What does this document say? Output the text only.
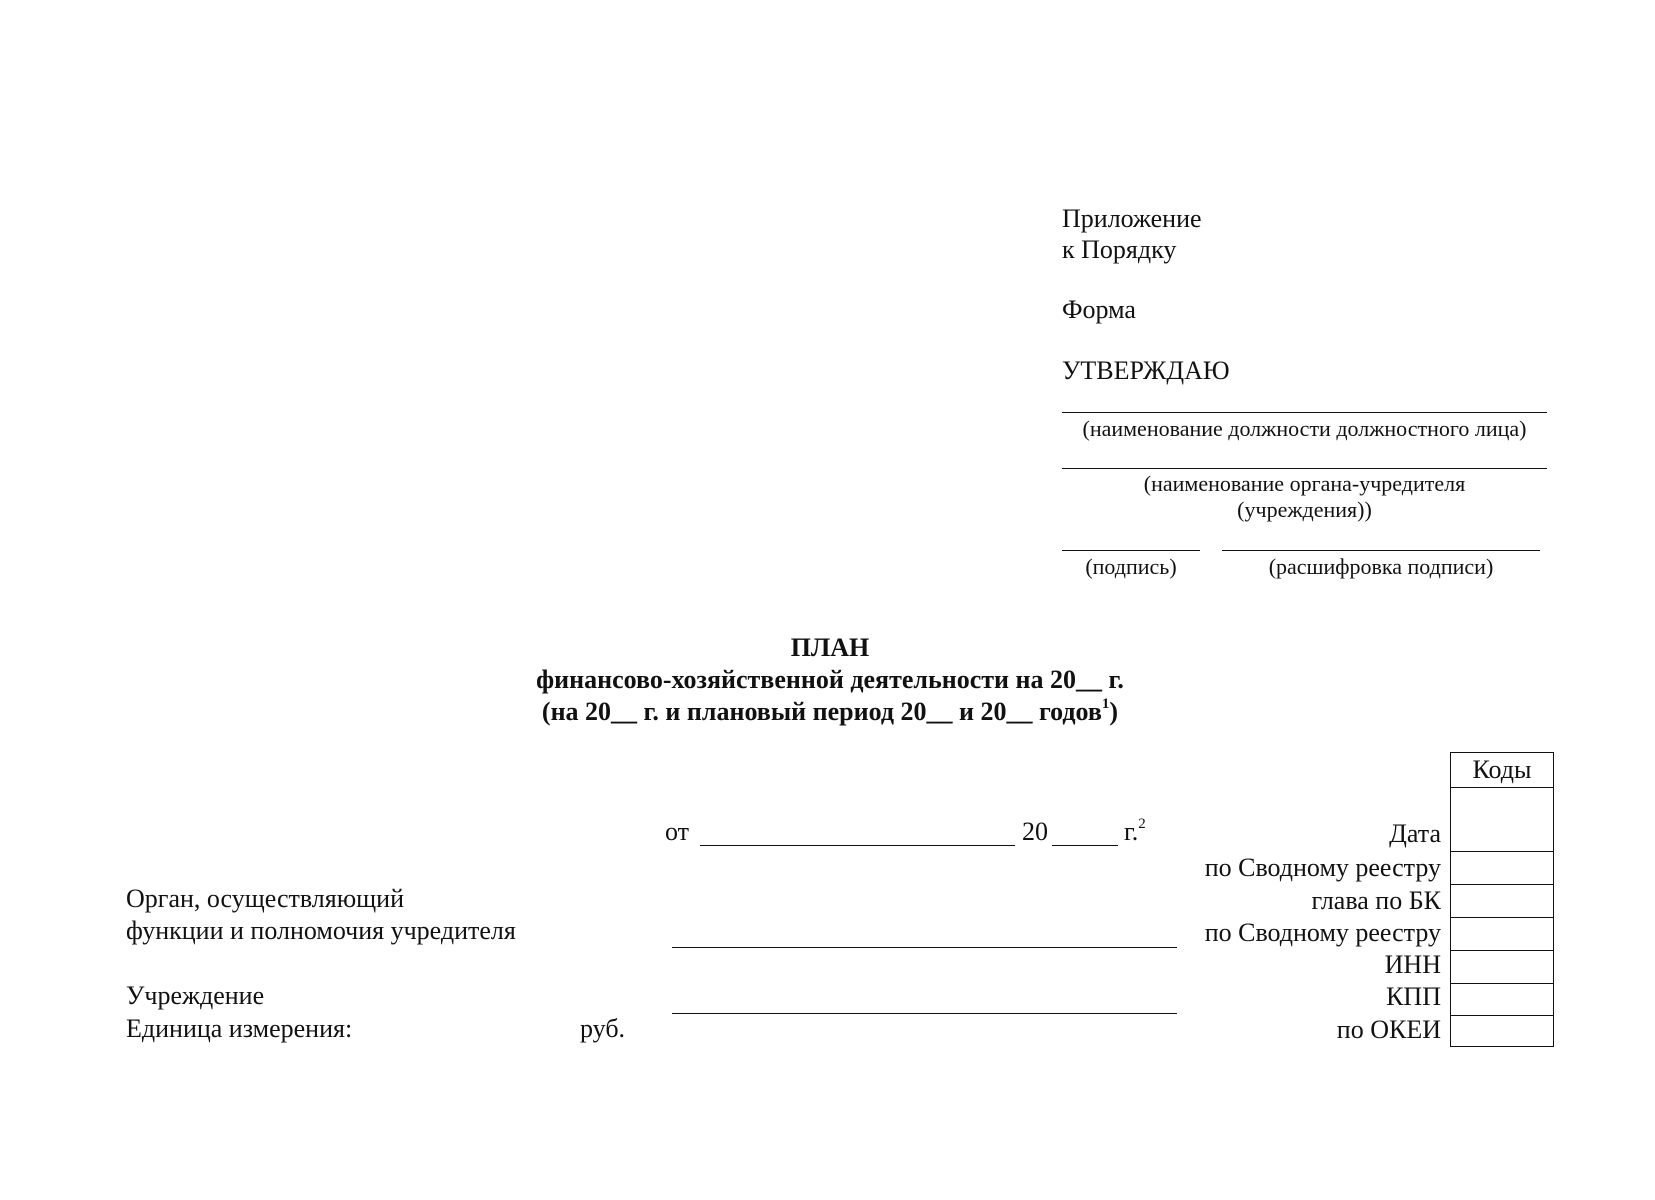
Приложение
к Порядку
Форма
УТВЕРЖДАЮ
(наименование должности должностного лица)
(наименование органа-учредителя
(учреждения))
(подпись)	(расшифровка подписи)
ПЛАН
финансово-хозяйственной деятельности на 20__ г.
(на 20__ г. и плановый период 20__ и 20__ годов$^1$)
от	20	г.$^2$
Орган, осуществляющий
функции и полномочия учредителя
Учреждение
Единица измерения:	руб.
Коды
Дата
по Сводному реестру
глава по БК
по Сводному реестру
ИНН
КПП
по ОКЕИ
